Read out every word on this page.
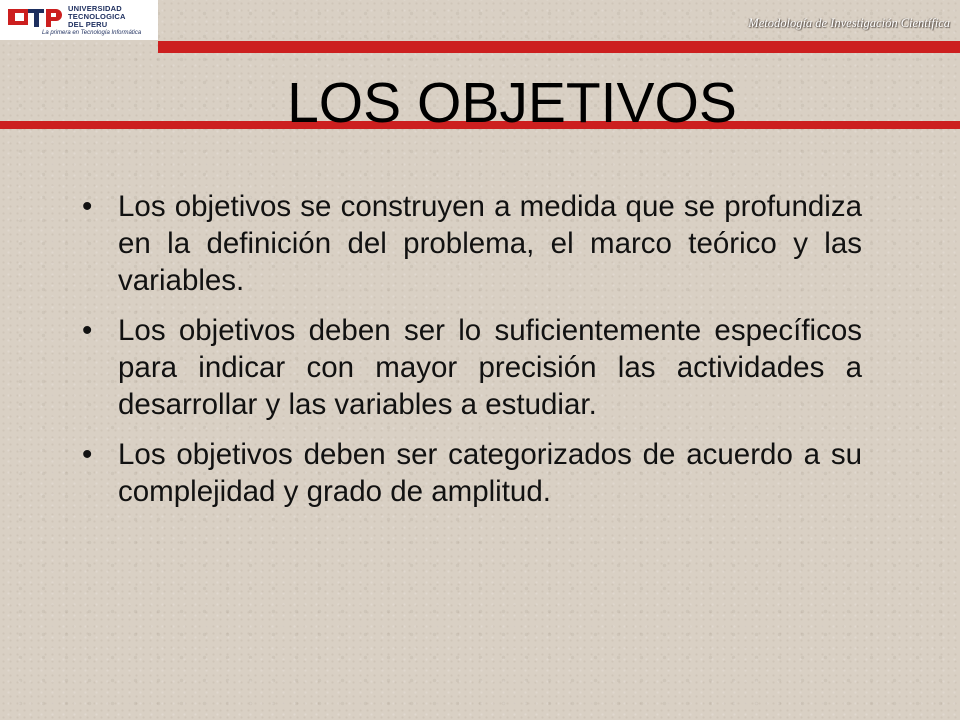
UNIVERSIDAD
TECNOLOGICA
DEL PERU
La primera en Tecnología Informática
Metodología de Investigación Científica
LOS OBJETIVOS
• Los objetivos se construyen a medida que se profundiza en la definición del problema, el marco teórico y las variables.
• Los objetivos deben ser lo suficientemente específicos para indicar con mayor precisión las actividades a desarrollar y las variables a estudiar.
• Los objetivos deben ser categorizados de acuerdo a su complejidad y grado de amplitud.
